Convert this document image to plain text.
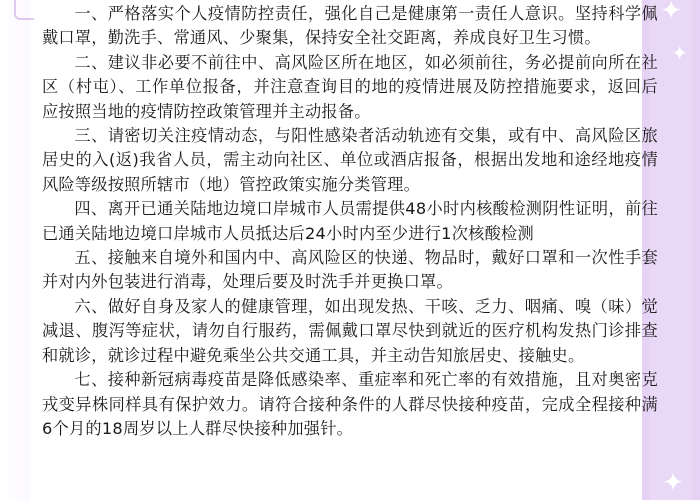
✦
✦
✦

一、严格落实个人疫情防控责任，强化自己是健康第一责任人意识。坚持科学佩戴口罩，勤洗手、常通风、少聚集，保持安全社交距离，养成良好卫生习惯。

二、建议非必要不前往中、高风险区所在地区，如必须前往，务必提前向所在社区（村屯）、工作单位报备，并注意查询目的地的疫情进展及防控措施要求，返回后应按照当地的疫情防控政策管理并主动报备。

三、请密切关注疫情动态，与阳性感染者活动轨迹有交集，或有中、高风险区旅居史的入(返)我省人员，需主动向社区、单位或酒店报备，根据出发地和途经地疫情风险等级按照所辖市（地）管控政策实施分类管理。

四、离开已通关陆地边境口岸城市人员需提供48小时内核酸检测阴性证明，前往已通关陆地边境口岸城市人员抵达后24小时内至少进行1次核酸检测

五、接触来自境外和国内中、高风险区的快递、物品时，戴好口罩和一次性手套并对内外包装进行消毒，处理后要及时洗手并更换口罩。

六、做好自身及家人的健康管理，如出现发热、干咳、乏力、咽痛、嗅（味）觉减退、腹泻等症状，请勿自行服药，需佩戴口罩尽快到就近的医疗机构发热门诊排查和就诊，就诊过程中避免乘坐公共交通工具，并主动告知旅居史、接触史。

七、接种新冠病毒疫苗是降低感染率、重症率和死亡率的有效措施，且对奥密克戎变异株同样具有保护效力。请符合接种条件的人群尽快接种疫苗，完成全程接种满6个月的18周岁以上人群尽快接种加强针。
